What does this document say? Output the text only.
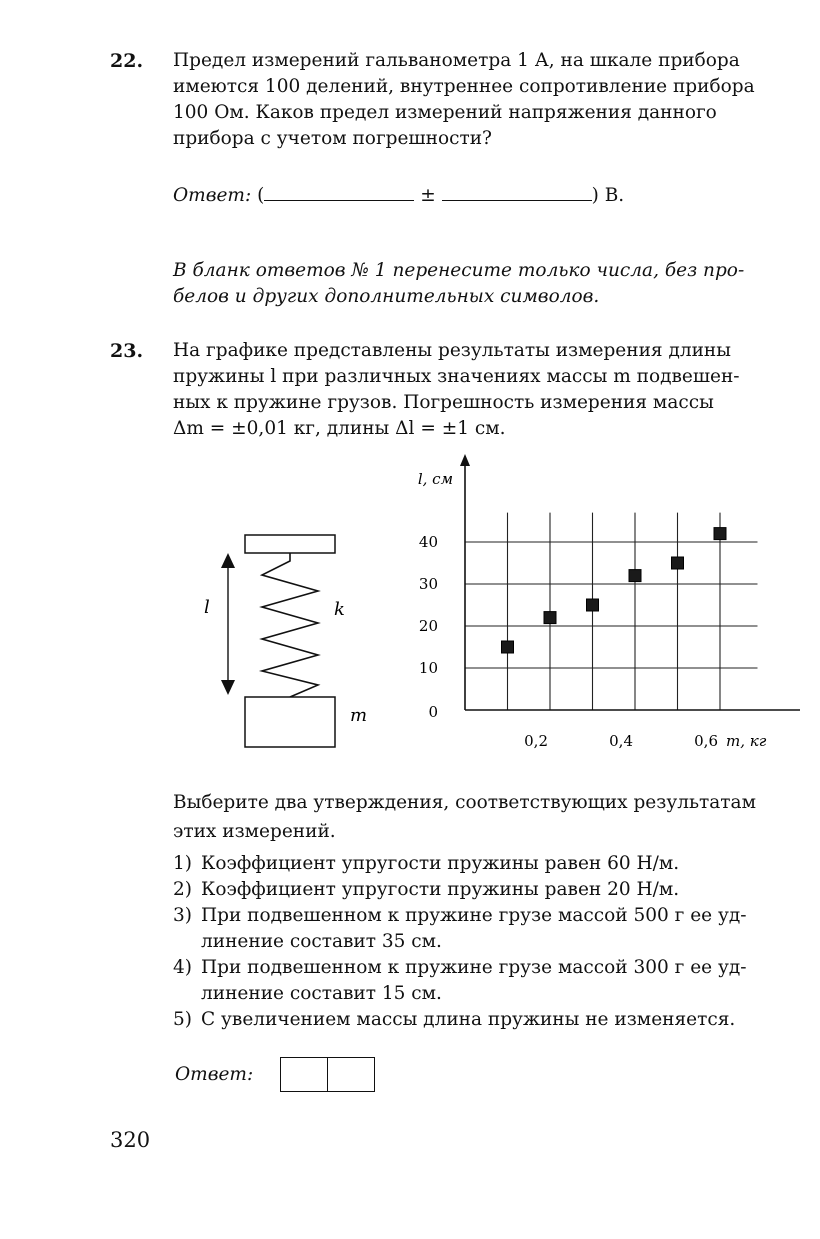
22. Предел измерений гальванометра 1 А, на шкале прибора
имеются 100 делений, внутреннее сопротивление прибора
100 Ом. Каков предел измерений напряжения данного
прибора с учетом погрешности?
Ответ: (	±	) В.
В бланк ответов № 1 перенесите только числа, без про-
белов и других дополнительных символов.
23. На графике представлены результаты измерения длины
пружины l при различных значениях массы m подвешен-
ных к пружине грузов. Погрешность измерения массы
Δm = ±0,01 кг, длины Δl = ±1 см.
l	k
m
10
20
30
40
0,2	0,4	0,6
0
l, см
m, кг
Выберите два утверждения, соответствующих результатам
этих измерений.
1) Коэффициент упругости пружины равен 60 Н/м.
2) Коэффициент упругости пружины равен 20 Н/м.
3) При подвешенном к пружине грузе массой 500 г ее уд-
линение составит 35 см.
4) При подвешенном к пружине грузе массой 300 г ее уд-
линение составит 15 см.
5) С увеличением массы длина пружины не изменяется.
Ответ:
320
